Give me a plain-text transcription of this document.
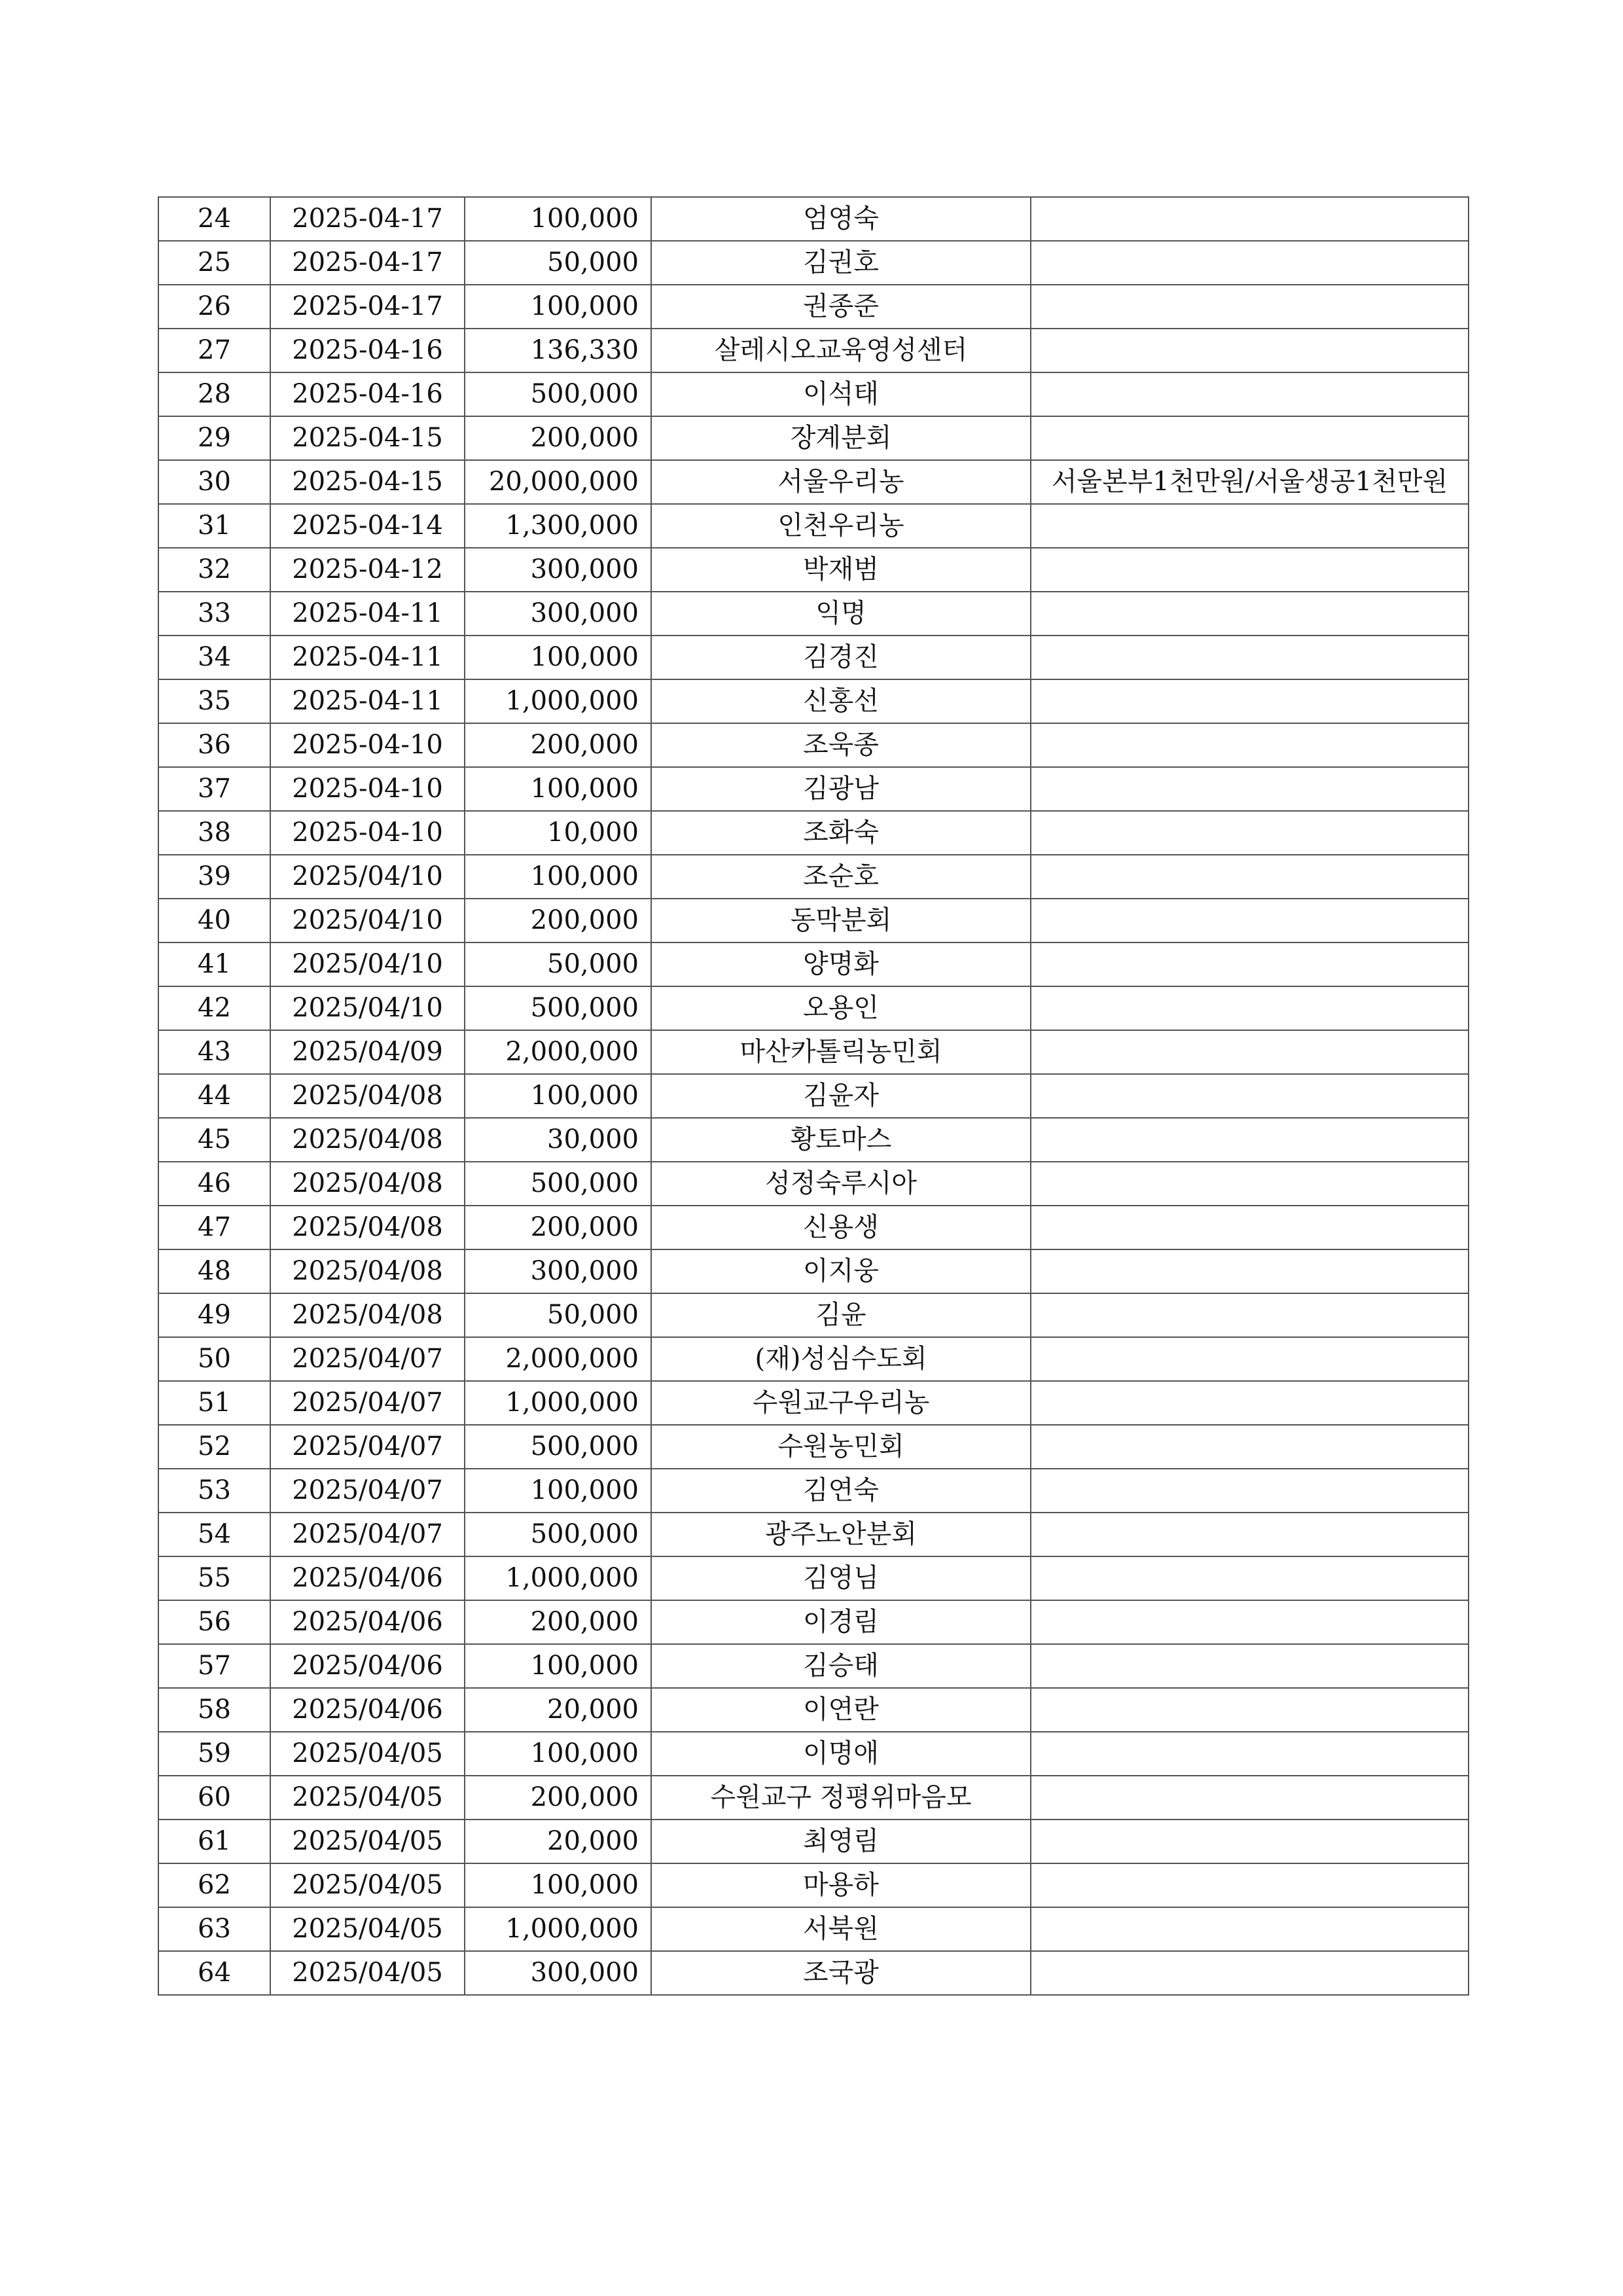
24	2025-04-17	100,000	엄영숙	
25	2025-04-17	50,000	김권호	
26	2025-04-17	100,000	권종준	
27	2025-04-16	136,330	살레시오교육영성센터	
28	2025-04-16	500,000	이석태	
29	2025-04-15	200,000	장계분회	
30	2025-04-15	20,000,000	서울우리농	서울본부1천만원/서울생공1천만원
31	2025-04-14	1,300,000	인천우리농	
32	2025-04-12	300,000	박재범	
33	2025-04-11	300,000	익명	
34	2025-04-11	100,000	김경진	
35	2025-04-11	1,000,000	신홍선	
36	2025-04-10	200,000	조욱종	
37	2025-04-10	100,000	김광남	
38	2025-04-10	10,000	조화숙	
39	2025/04/10	100,000	조순호	
40	2025/04/10	200,000	동막분회	
41	2025/04/10	50,000	양명화	
42	2025/04/10	500,000	오용인	
43	2025/04/09	2,000,000	마산카톨릭농민회	
44	2025/04/08	100,000	김윤자	
45	2025/04/08	30,000	황토마스	
46	2025/04/08	500,000	성정숙루시아	
47	2025/04/08	200,000	신용생	
48	2025/04/08	300,000	이지웅	
49	2025/04/08	50,000	김윤	
50	2025/04/07	2,000,000	(재)성심수도회	
51	2025/04/07	1,000,000	수원교구우리농	
52	2025/04/07	500,000	수원농민회	
53	2025/04/07	100,000	김연숙	
54	2025/04/07	500,000	광주노안분회	
55	2025/04/06	1,000,000	김영님	
56	2025/04/06	200,000	이경림	
57	2025/04/06	100,000	김승태	
58	2025/04/06	20,000	이연란	
59	2025/04/05	100,000	이명애	
60	2025/04/05	200,000	수원교구 정평위마음모	
61	2025/04/05	20,000	최영림	
62	2025/04/05	100,000	마용하	
63	2025/04/05	1,000,000	서북원	
64	2025/04/05	300,000	조국광	
